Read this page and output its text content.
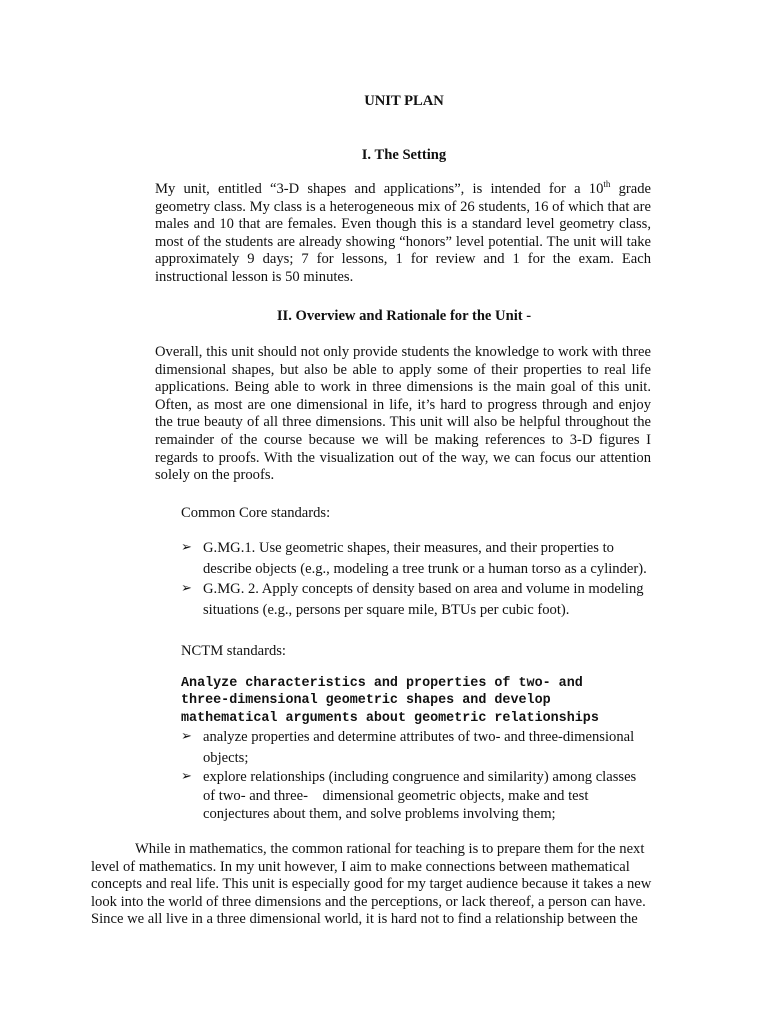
UNIT PLAN
I. The Setting

My unit, entitled “3-D shapes and applications”, is intended for a 10th grade geometry class. My class is a heterogeneous mix of 26 students, 16 of which that are males and 10 that are females. Even though this is a standard level geometry class, most of the students are already showing “honors” level potential. The unit will take approximately 9 days; 7 for lessons, 1 for review and 1 for the exam. Each instructional lesson is 50 minutes.

II. Overview and Rationale for the Unit -
Overall, this unit should not only provide students the knowledge to work with three dimensional shapes, but also be able to apply some of their properties to real life applications. Being able to work in three dimensions is the main goal of this unit. Often, as most are one dimensional in life, it’s hard to progress through and enjoy the true beauty of all three dimensions. This unit will also be helpful throughout the remainder of the course because we will be making references to 3-D figures I regards to proofs. With the visualization out of the way, we can focus our attention solely on the proofs.
Common Core standards:
➢ G.MG.1. Use geometric shapes, their measures, and their properties to describe objects (e.g., modeling a tree trunk or a human torso as a cylinder).
➢ G.MG. 2. Apply concepts of density based on area and volume in modeling situations (e.g., persons per square mile, BTUs per cubic foot).
NCTM standards:
Analyze characteristics and properties of two- and
three-dimensional geometric shapes and develop
mathematical arguments about geometric relationships
➢ analyze properties and determine attributes of two- and three-dimensional objects;
➢ explore relationships (including congruence and similarity) among classes of two- and three-    dimensional geometric objects, make and test conjectures about them, and solve problems involving them;
While in mathematics, the common rational for teaching is to prepare them for the next level of mathematics. In my unit however, I aim to make connections between mathematical concepts and real life. This unit is especially good for my target audience because it takes a new look into the world of three dimensions and the perceptions, or lack thereof, a person can have. Since we all live in a three dimensional world, it is hard not to find a relationship between the
